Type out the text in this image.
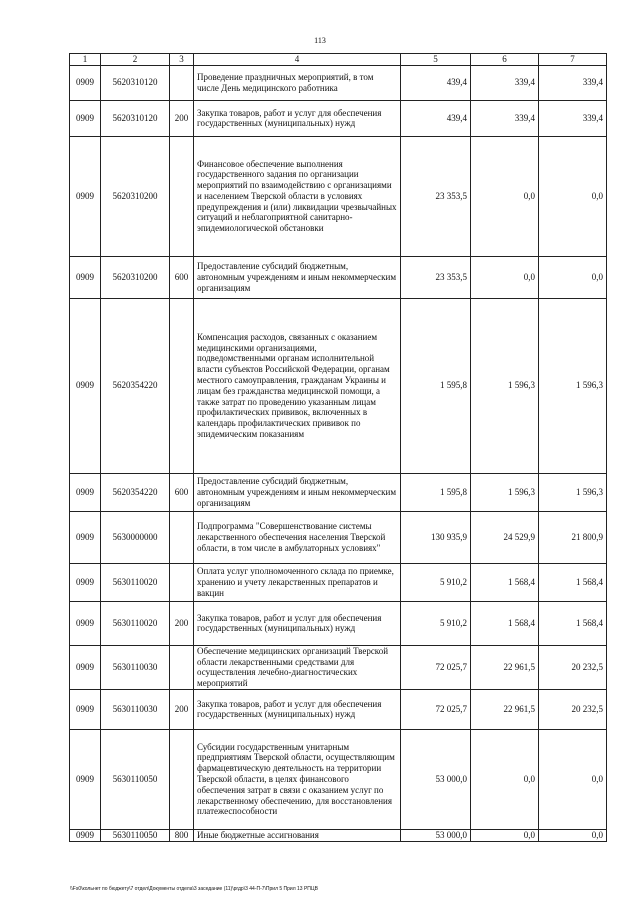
113
1	2	3	4	5	6	7
0909	5620310120		Проведение праздничных мероприятий, в том числе День медицинского работника	439,4	339,4	339,4
0909	5620310120	200	Закупка товаров, работ и услуг для обеспечения государственных (муниципальных) нужд	439,4	339,4	339,4
0909	5620310200		Финансовое обеспечение выполнения государственного задания по организации мероприятий по взаимодействию с организациями и населением Тверской области в условиях предупреждения и (или) ликвидации чрезвычайных ситуаций и неблагоприятной санитарно-эпидемиологической обстановки	23 353,5	0,0	0,0
0909	5620310200	600	Предоставление субсидий бюджетным, автономным учреждениям и иным некоммерческим организациям	23 353,5	0,0	0,0
0909	5620354220		Компенсация расходов, связанных с оказанием медицинскими организациями, подведомственными органам исполнительной власти субъектов Российской Федерации, органам местного самоуправления, гражданам Украины и лицам без гражданства медицинской помощи, а также затрат по проведению указанным лицам профилактических прививок, включенных в календарь профилактических прививок по эпидемическим показаниям	1 595,8	1 596,3	1 596,3
0909	5620354220	600	Предоставление субсидий бюджетным, автономным учреждениям и иным некоммерческим организациям	1 595,8	1 596,3	1 596,3
0909	5630000000		Подпрограмма "Совершенствование системы лекарственного обеспечения населения Тверской области, в том числе в амбулаторных условиях"	130 935,9	24 529,9	21 800,9
0909	5630110020		Оплата услуг уполномоченного склада по приемке, хранению и учету лекарственных препаратов и вакцин	5 910,2	1 568,4	1 568,4
0909	5630110020	200	Закупка товаров, работ и услуг для обеспечения государственных (муниципальных) нужд	5 910,2	1 568,4	1 568,4
0909	5630110030		Обеспечение медицинских организаций Тверской области лекарственными средствами для осуществления лечебно-диагностических мероприятий	72 025,7	22 961,5	20 232,5
0909	5630110030	200	Закупка товаров, работ и услуг для обеспечения государственных (муниципальных) нужд	72 025,7	22 961,5	20 232,5
0909	5630110050		Субсидии государственным унитарным предприятиям Тверской области, осуществляющим фармацевтическую деятельность на территории Тверской области, в целях финансового обеспечения затрат в связи с оказанием услуг по лекарственному обеспечению, для восстановления платежеспособности	53 000,0	0,0	0,0
0909	5630110050	800	Иные бюджетные ассигнования	53 000,0	0,0	0,0
\\Fs0\кольнет по бюджету\7 отдел\Документы отдела\3 заседание (11)\ргдр\3 44-П-7\Прил 5 Прил 13 РПЦВ
